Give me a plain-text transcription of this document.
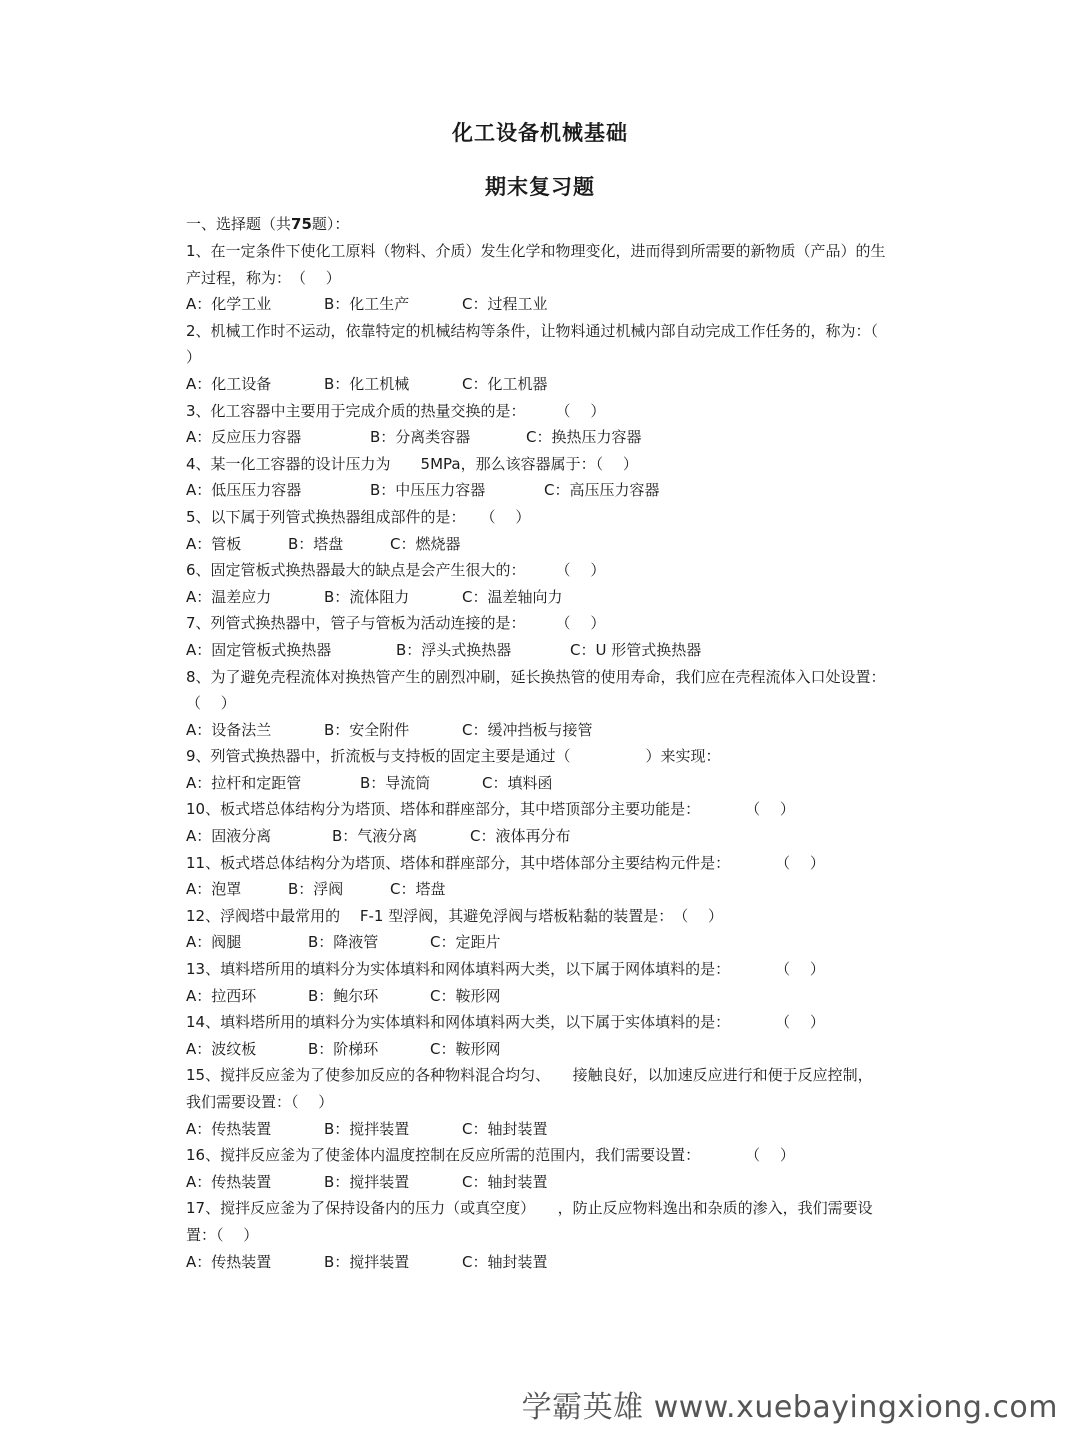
化工设备机械基础
期末复习题
一、选择题（共75题）：
1、在一定条件下使化工原料（物料、介质）发生化学和物理变化，进而得到所需要的新物质（产品）的生产过程，称为：　（　 ）
A：化学工业	B：化工生产	C：过程工业
2、机械工作时不运动，依靠特定的机械结构等条件，让物料通过机械内部自动完成工作任务的，称为：（　 ）
A：化工设备	B：化工机械	C：化工机器
3、化工容器中主要用于完成介质的热量交换的是：　　　（　 ）
A：反应压力容器	B：分离类容器	C：换热压力容器
4、某一化工容器的设计压力为　　5MPa，那么该容器属于：（　 ）
A：低压压力容器	B：中压压力容器	C：高压压力容器
5、以下属于列管式换热器组成部件的是：　　（　 ）
A：管板	B：塔盘	C：燃烧器
6、固定管板式换热器最大的缺点是会产生很大的：　　　（　 ）
A：温差应力	B：流体阻力	C：温差轴向力
7、列管式换热器中，管子与管板为活动连接的是：　　　（　 ）
A：固定管板式换热器	B：浮头式换热器	C：U 形管式换热器
8、为了避免壳程流体对换热管产生的剧烈冲刷，延长换热管的使用寿命，我们应在壳程流体入口处设置：（　 ）
A：设备法兰	B：安全附件	C：缓冲挡板与接管
9、列管式换热器中，折流板与支持板的固定主要是通过（　　　　　）来实现：
A：拉杆和定距管	B：导流筒	C：填料函
10、板式塔总体结构分为塔顶、塔体和群座部分，其中塔顶部分主要功能是：　　　　（　 ）
A：固液分离	B：气液分离	C：液体再分布
11、板式塔总体结构分为塔顶、塔体和群座部分，其中塔体部分主要结构元件是：　　　　（　 ）
A：泡罩	B：浮阀	C：塔盘
12、浮阀塔中最常用的　 F-1 型浮阀，其避免浮阀与塔板粘黏的装置是：　（　 ）
A：阀腿	B：降液管	C：定距片
13、填料塔所用的填料分为实体填料和网体填料两大类，以下属于网体填料的是：　　　　（　 ）
A：拉西环	B：鲍尔环	C：鞍形网
14、填料塔所用的填料分为实体填料和网体填料两大类，以下属于实体填料的是：　　　　（　 ）
A：波纹板	B：阶梯环	C：鞍形网
15、搅拌反应釜为了使参加反应的各种物料混合均匀、　　接触良好，以加速反应进行和便于反应控制，我们需要设置：（　 ）
A：传热装置	B：搅拌装置	C：轴封装置
16、搅拌反应釜为了使釜体内温度控制在反应所需的范围内，我们需要设置：　　　　（　 ）
A：传热装置	B：搅拌装置	C：轴封装置
17、搅拌反应釜为了保持设备内的压力（或真空度）　　，防止反应物料逸出和杂质的渗入，我们需要设置：（　 ）
A：传热装置	B：搅拌装置	C：轴封装置
学霸英雄 www.xuebayingxiong.com
